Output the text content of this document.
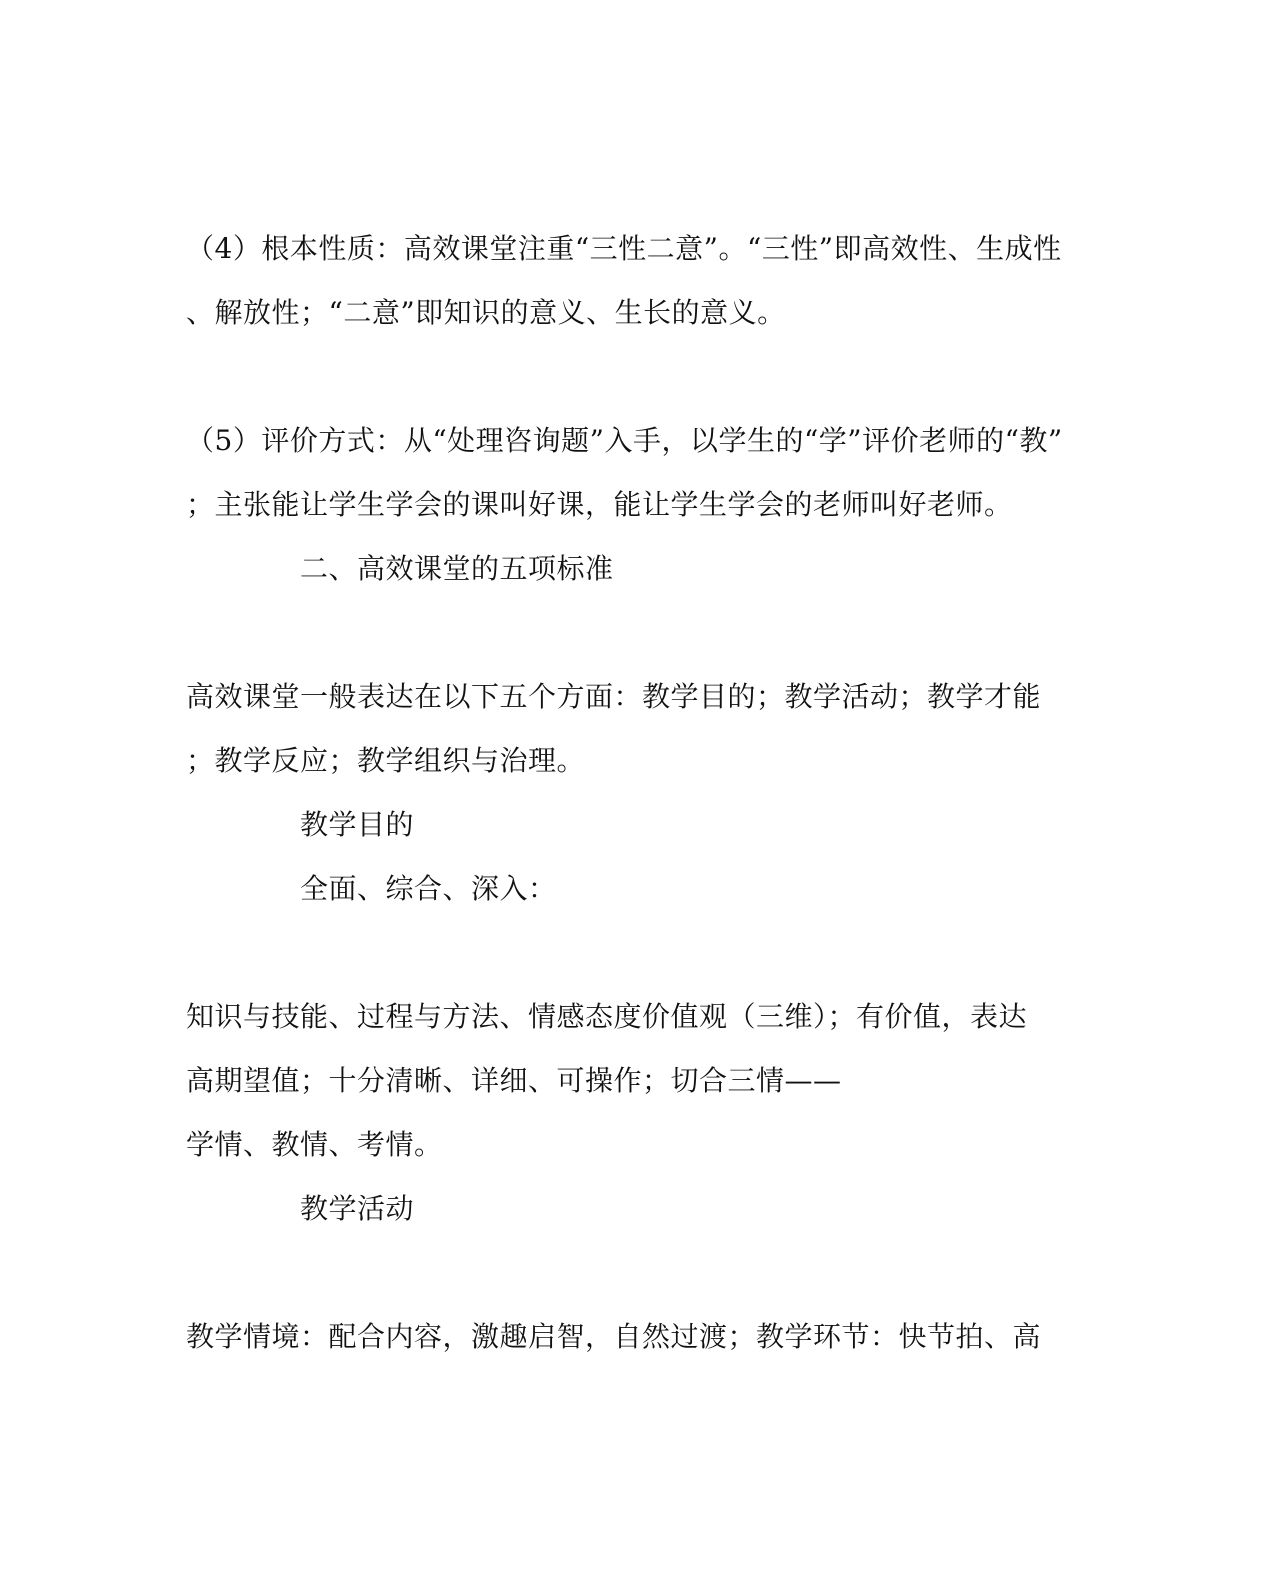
（4）根本性质：高效课堂注重“三性二意”。“三性”即高效性、生成性
、解放性；“二意”即知识的意义、生长的意义。
（5）评价方式：从“处理咨询题”入手，以学生的“学”评价老师的“教”
；主张能让学生学会的课叫好课，能让学生学会的老师叫好老师。
二、高效课堂的五项标准
高效课堂一般表达在以下五个方面：教学目的；教学活动；教学才能
；教学反应；教学组织与治理。
教学目的
全面、综合、深入：
知识与技能、过程与方法、情感态度价值观（三维）；有价值，表达
高期望值；十分清晰、详细、可操作；切合三情——
学情、教情、考情。
教学活动
教学情境：配合内容，激趣启智，自然过渡；教学环节：快节拍、高
